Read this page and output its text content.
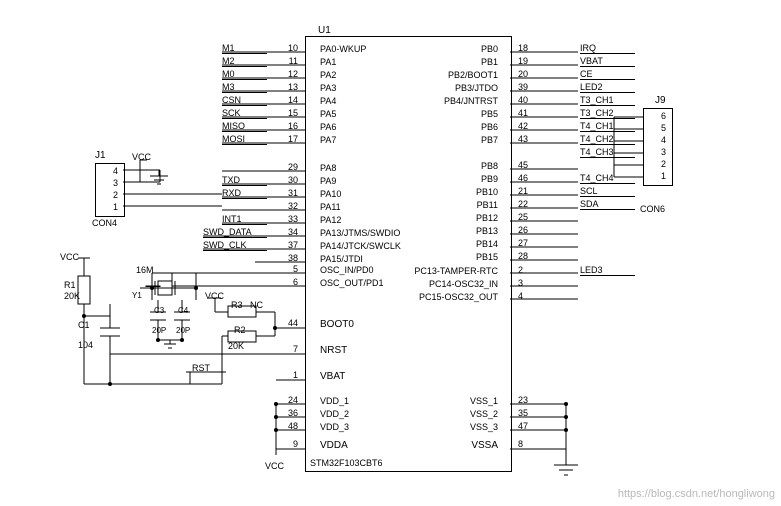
U1
STM32F103CBT6
PA0-WKUP
PA1
PA2
PA3
PA4
PA5
PA6
PA7
10
11
12
13
14
15
16
17
M1
M2
M0
M3
CSN
SCK
MISO
MOSI
PA8
PA9
PA10
PA11
PA12
PA13/JTMS/SWDIO
PA14/JTCK/SWCLK
PA15/JTDI
29
30
31
32
33
34
37
38
TXD
RXD
INT1
SWD_DATA
SWD_CLK
OSC_IN/PD0
OSC_OUT/PD1
5
6
BOOT0
44
NRST
7
VBAT
1
VDD_1
VDD_2
VDD_3
24
36
48
VDDA
9
PB0
PB1
PB2/BOOT1
PB3/JTDO
PB4/JNTRST
PB5
PB6
PB7
PB8
PB9
PB10
PB11
PB12
PB13
PB14
PB15
18
19
20
39
40
41
42
43
45
46
21
22
25
26
27
28
IRQ
VBAT
CE
LED2
T3_CH1
T3_CH2
T4_CH1
T4_CH2
T4_CH3
T4_CH4
SCL
SDA
LED3
PC13-TAMPER-RTC
PC14-OSC32_IN
PC15-OSC32_OUT
2
3
4
VSS_1
VSS_2
VSS_3
VSSA
23
35
47
8
J1
CON4
4
3
2
1
VCC
J9
CON6
6
5
4
3
2
1
VCC
R1
20K
C1
104
RST
16M
Y1
C3
20P
C4
20P
VCC
R3 NC
R2
20K
VCC
https://blog.csdn.net/hongliwong
